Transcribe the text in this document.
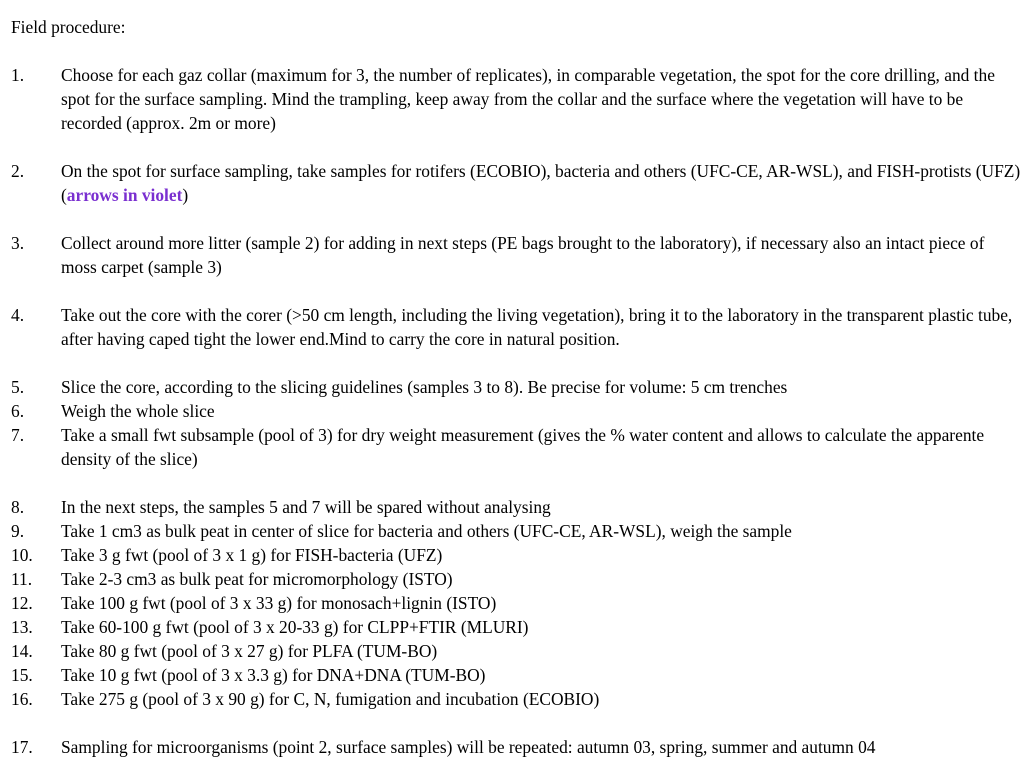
Field procedure:
1.	Choose for each gaz collar (maximum for 3, the number of replicates), in comparable vegetation, the spot for the core drilling, and the spot for the surface sampling. Mind the trampling, keep away from the collar and the surface where the vegetation will have to be recorded (approx. 2m or more)
2.	On the spot for surface sampling, take samples for rotifers (ECOBIO), bacteria and others (UFC-CE, AR-WSL), and FISH-protists (UFZ) (arrows in violet)
3.	Collect around more litter (sample 2) for adding in next steps (PE bags brought to the laboratory), if necessary also an intact piece of moss carpet (sample 3)
4.	Take out the core with the corer (>50 cm length, including the living vegetation), bring it to the laboratory in the transparent plastic tube, after having caped tight the lower end.Mind to carry the core in natural position.
5.	Slice the core, according to the slicing guidelines (samples 3 to 8). Be precise for volume: 5 cm trenches
6.	Weigh the whole slice
7.	Take a small fwt subsample (pool of 3) for dry weight measurement (gives the % water content and allows to calculate the apparente density of the slice)
8.	In the next steps, the samples 5 and 7 will be spared without analysing
9.	Take 1 cm3 as bulk peat in center of slice for bacteria and others (UFC-CE, AR-WSL), weigh the sample
10.	Take 3 g fwt (pool of 3 x 1 g) for FISH-bacteria (UFZ)
11.	Take 2-3 cm3 as bulk peat for micromorphology (ISTO)
12.	Take 100 g fwt (pool of 3 x 33 g) for monosach+lignin (ISTO)
13.	Take 60-100 g fwt (pool of 3 x 20-33 g) for CLPP+FTIR (MLURI)
14.	Take 80 g fwt (pool of 3 x 27 g) for PLFA (TUM-BO)
15.	Take 10 g fwt (pool of 3 x 3.3 g) for DNA+DNA (TUM-BO)
16.	Take 275 g (pool of 3 x 90 g) for C, N, fumigation and incubation (ECOBIO)
17.	Sampling for microorganisms (point 2, surface samples) will be repeated: autumn 03, spring, summer and autumn 04
